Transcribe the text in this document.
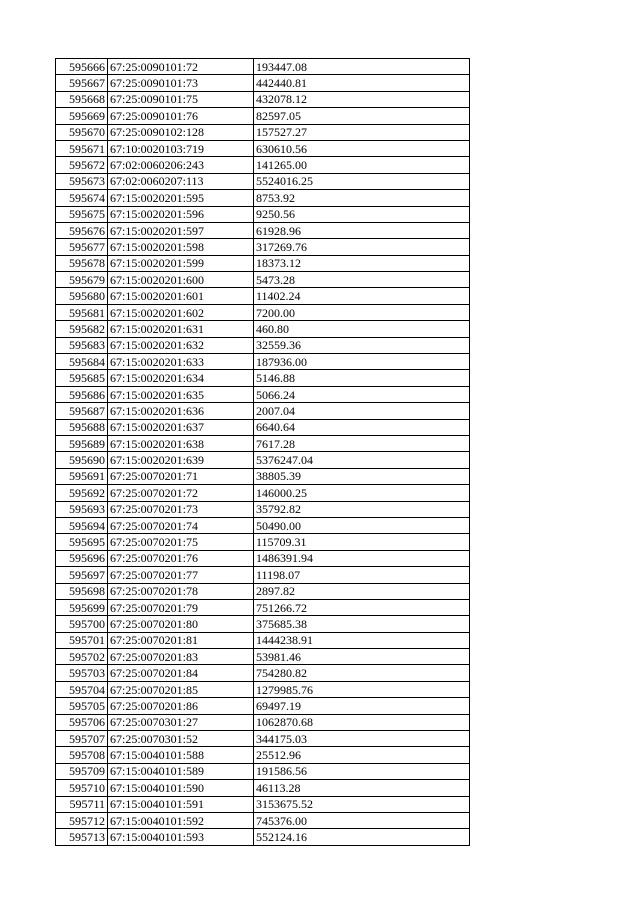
595666	67:25:0090101:72	193447.08
595667	67:25:0090101:73	442440.81
595668	67:25:0090101:75	432078.12
595669	67:25:0090101:76	82597.05
595670	67:25:0090102:128	157527.27
595671	67:10:0020103:719	630610.56
595672	67:02:0060206:243	141265.00
595673	67:02:0060207:113	5524016.25
595674	67:15:0020201:595	8753.92
595675	67:15:0020201:596	9250.56
595676	67:15:0020201:597	61928.96
595677	67:15:0020201:598	317269.76
595678	67:15:0020201:599	18373.12
595679	67:15:0020201:600	5473.28
595680	67:15:0020201:601	11402.24
595681	67:15:0020201:602	7200.00
595682	67:15:0020201:631	460.80
595683	67:15:0020201:632	32559.36
595684	67:15:0020201:633	187936.00
595685	67:15:0020201:634	5146.88
595686	67:15:0020201:635	5066.24
595687	67:15:0020201:636	2007.04
595688	67:15:0020201:637	6640.64
595689	67:15:0020201:638	7617.28
595690	67:15:0020201:639	5376247.04
595691	67:25:0070201:71	38805.39
595692	67:25:0070201:72	146000.25
595693	67:25:0070201:73	35792.82
595694	67:25:0070201:74	50490.00
595695	67:25:0070201:75	115709.31
595696	67:25:0070201:76	1486391.94
595697	67:25:0070201:77	11198.07
595698	67:25:0070201:78	2897.82
595699	67:25:0070201:79	751266.72
595700	67:25:0070201:80	375685.38
595701	67:25:0070201:81	1444238.91
595702	67:25:0070201:83	53981.46
595703	67:25:0070201:84	754280.82
595704	67:25:0070201:85	1279985.76
595705	67:25:0070201:86	69497.19
595706	67:25:0070301:27	1062870.68
595707	67:25:0070301:52	344175.03
595708	67:15:0040101:588	25512.96
595709	67:15:0040101:589	191586.56
595710	67:15:0040101:590	46113.28
595711	67:15:0040101:591	3153675.52
595712	67:15:0040101:592	745376.00
595713	67:15:0040101:593	552124.16
